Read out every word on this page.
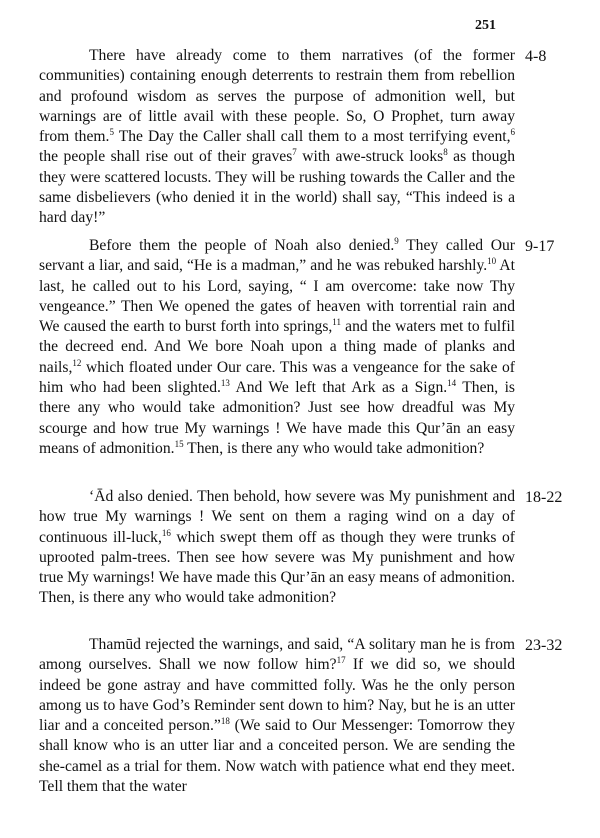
251
There have already come to them narratives (of the former communities) containing enough deterrents to restrain them from rebellion and profound wisdom as serves the purpose of admonition well, but warnings are of little avail with these people. So, O Prophet, turn away from them.$^5$ The Day the Caller shall call them to a most terrifying event,$^6$ the people shall rise out of their graves$^7$ with awe-struck looks$^8$ as though they were scattered locusts. They will be rushing towards the Caller and the same disbelievers (who denied it in the world) shall say, “This indeed is a hard day!”
4-8
Before them the people of Noah also denied.$^9$ They called Our servant a liar, and said, “He is a madman,” and he was rebuked harshly.$^{10}$ At last, he called out to his Lord, saying, “ I am overcome: take now Thy vengeance.” Then We opened the gates of heaven with torrential rain and We caused the earth to burst forth into springs,$^{11}$ and the waters met to fulfil the decreed end. And We bore Noah upon a thing made of planks and nails,$^{12}$ which floated under Our care. This was a vengeance for the sake of him who had been slighted.$^{13}$ And We left that Ark as a Sign.$^{14}$ Then, is there any who would take admonition? Just see how dreadful was My scourge and how true My warnings ! We have made this Qur’ān an easy means of admonition.$^{15}$ Then, is there any who would take admonition?
9-17
‘Ād also denied. Then behold, how severe was My punishment and how true My warnings ! We sent on them a raging wind on a day of continuous ill-luck,$^{16}$ which swept them off as though they were trunks of uprooted palm-trees. Then see how severe was My punishment and how true My warnings! We have made this Qur’ān an easy means of admonition. Then, is there any who would take admonition?
18-22
Thamūd rejected the warnings, and said, “A solitary man he is from among ourselves. Shall we now follow him?$^{17}$ If we did so, we should indeed be gone astray and have committed folly. Was he the only person among us to have God’s Reminder sent down to him? Nay, but he is an utter liar and a conceited person.”$^{18}$ (We said to Our Messenger: Tomorrow they shall know who is an utter liar and a conceited person. We are sending the she-camel as a trial for them. Now watch with patience what end they meet. Tell them that the water
23-32
